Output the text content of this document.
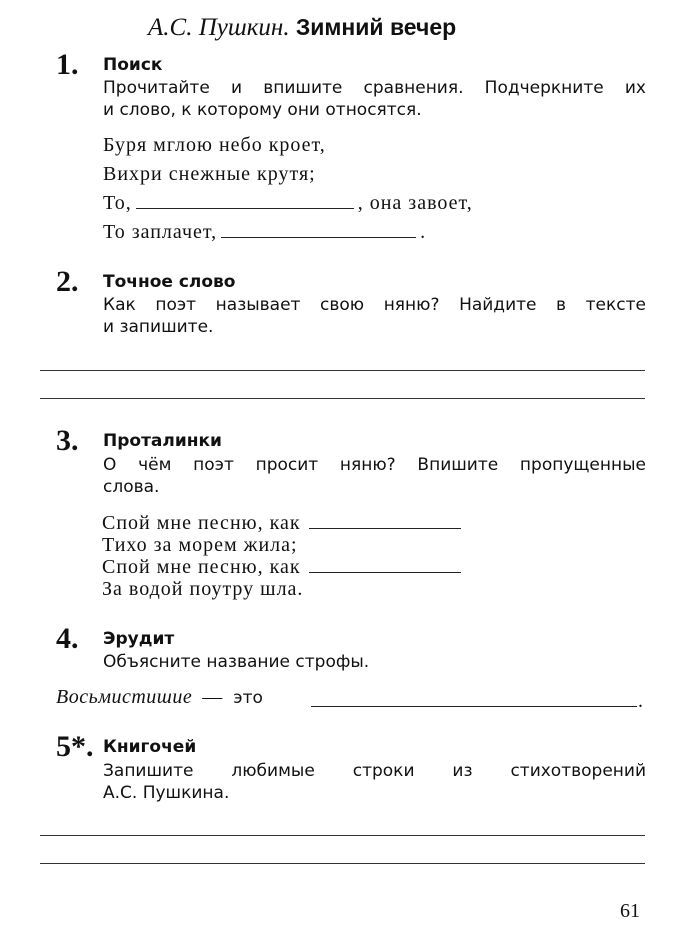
А.С. Пушкин. Зимний вечер
1. Поиск
Прочитайте и впишите сравнения. Подчеркните их
и слово, к которому они относятся.
Буря мглою небо кроет,
Вихри снежные крутя;
То,	, она завоет,
То заплачет,	.
2. Точное слово
Как поэт называет свою няню? Найдите в тексте
и запишите.
3. Проталинки
О чём поэт просит няню? Впишите пропущенные
слова.
Спой мне песню, как
Тихо за морем жила;
Спой мне песню, как
За водой поутру шла.
4. Эрудит
Объясните название строфы.
Восьмистишие — это	.
5*. Книгочей
Запишите любимые строки из стихотворений
А.С. Пушкина.
61
